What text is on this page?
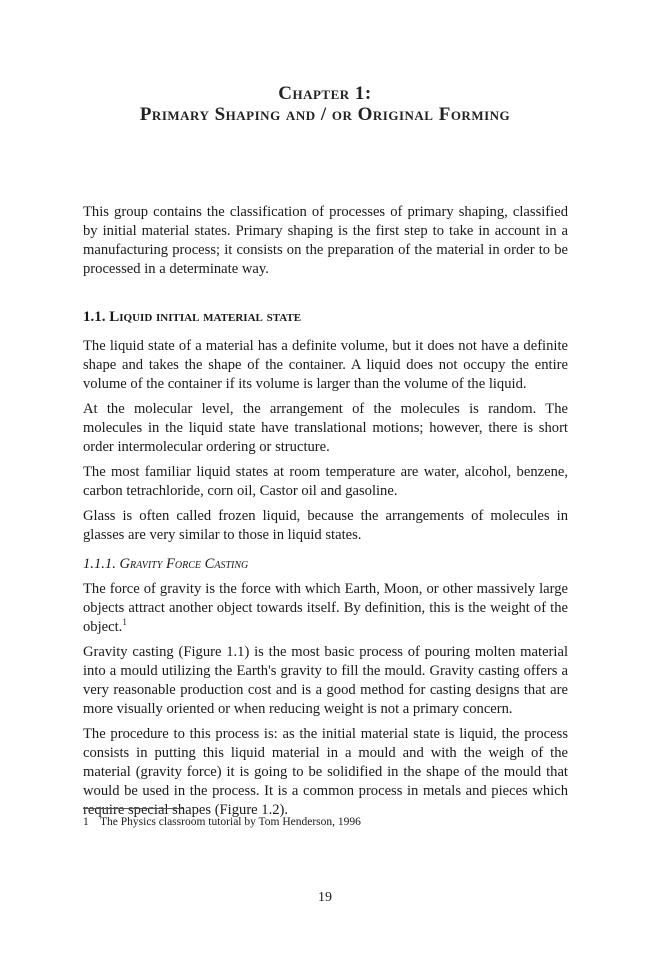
Chapter 1:
Primary Shaping and / or Original Forming

This group contains the classification of processes of primary shaping, classified by initial material states. Primary shaping is the first step to take in account in a manufacturing process; it consists on the preparation of the material in order to be processed in a determinate way.

1.1. Liquid initial material state

The liquid state of a material has a definite volume, but it does not have a definite shape and takes the shape of the container. A liquid does not occupy the entire volume of the container if its volume is larger than the volume of the liquid.

At the molecular level, the arrangement of the molecules is random. The molecules in the liquid state have translational motions; however, there is short order intermolecular ordering or structure.

The most familiar liquid states at room temperature are water, alcohol, benzene, carbon tetrachloride, corn oil, Castor oil and gasoline.

Glass is often called frozen liquid, because the arrangements of molecules in glasses are very similar to those in liquid states.

1.1.1. Gravity Force Casting

The force of gravity is the force with which Earth, Moon, or other massively large objects attract another object towards itself. By definition, this is the weight of the object.$^1$

Gravity casting (Figure 1.1) is the most basic process of pouring molten material into a mould utilizing the Earth's gravity to fill the mould. Gravity casting offers a very reasonable production cost and is a good method for casting designs that are more visually oriented or when reducing weight is not a primary concern.

The procedure to this process is: as the initial material state is liquid, the process consists in putting this liquid material in a mould and with the weigh of the material (gravity force) it is going to be solidified in the shape of the mould that would be used in the process. It is a common process in metals and pieces which require special shapes (Figure 1.2).

1 The Physics classroom tutorial by Tom Henderson, 1996
19
